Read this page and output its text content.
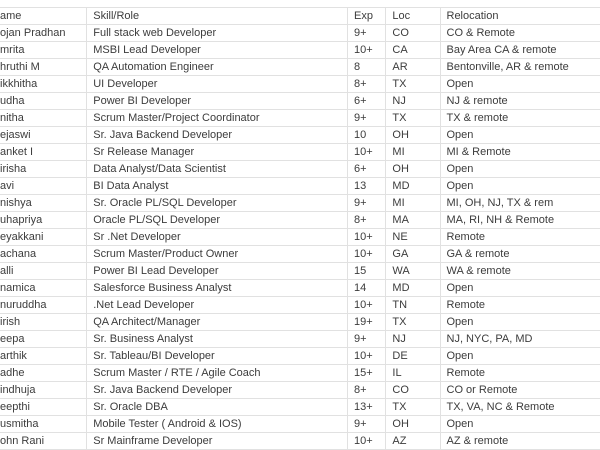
ame	Skill/Role	Exp	Loc	Relocation
ojan Pradhan	Full stack web Developer	9+	CO	CO & Remote
mrita	MSBI Lead Developer	10+	CA	Bay Area CA & remote
hruthi M	QA Automation Engineer	8	AR	Bentonville, AR & remote
ikkhitha	UI Developer	8+	TX	Open
udha	Power BI Developer	6+	NJ	NJ & remote
nitha	Scrum Master/Project Coordinator	9+	TX	TX & remote
ejaswi	Sr. Java Backend Developer	10	OH	Open
anket I	Sr Release Manager	10+	MI	MI & Remote
irisha	Data Analyst/Data Scientist	6+	OH	Open
avi	BI Data Analyst	13	MD	Open
nishya	Sr. Oracle PL/SQL Developer	9+	MI	MI, OH, NJ, TX & rem
uhapriya	Oracle PL/SQL Developer	8+	MA	MA, RI, NH & Remote
eyakkani	Sr .Net Developer	10+	NE	Remote
achana	Scrum Master/Product Owner	10+	GA	GA & remote
alli	Power BI Lead Developer	15	WA	WA & remote
namica	Salesforce Business Analyst	14	MD	Open
nuruddha	.Net Lead Developer	10+	TN	Remote
irish	QA Architect/Manager	19+	TX	Open
eepa	Sr. Business Analyst	9+	NJ	NJ, NYC, PA, MD
arthik	Sr. Tableau/BI Developer	10+	DE	Open
adhe	Scrum Master / RTE / Agile Coach	15+	IL	Remote
indhuja	Sr. Java Backend Developer	8+	CO	CO or Remote
eepthi	Sr. Oracle DBA	13+	TX	TX, VA, NC & Remote
usmitha	Mobile Tester ( Android & IOS)	9+	OH	Open
ohn Rani	Sr Mainframe Developer	10+	AZ	AZ & remote
